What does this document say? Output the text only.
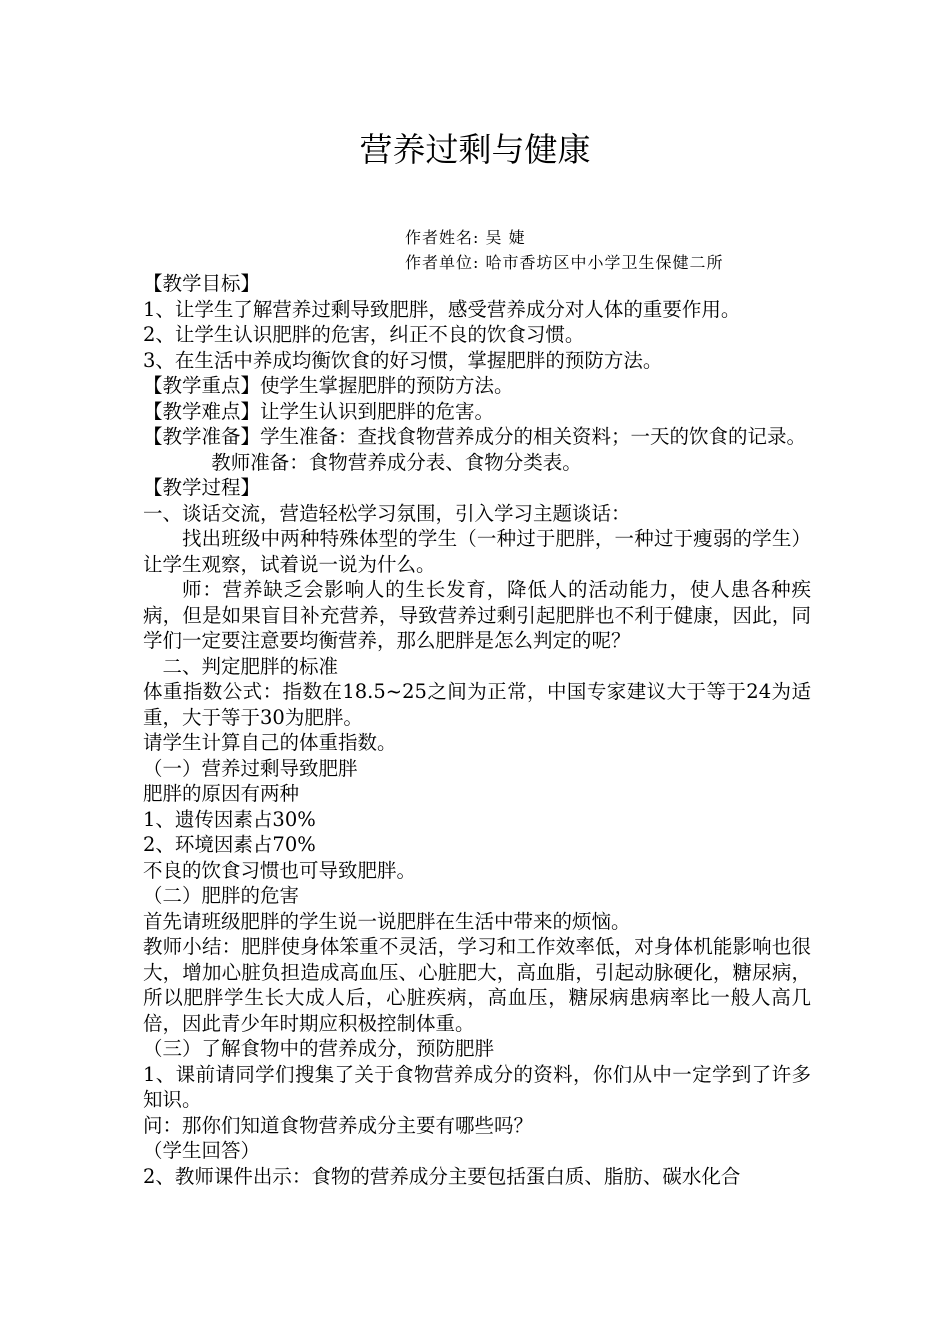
营养过剩与健康
作者姓名: 吴 婕
作者单位: 哈市香坊区中小学卫生保健二所

【教学目标】

1、让学生了解营养过剩导致肥胖，感受营养成分对人体的重要作用。

2、让学生认识肥胖的危害，纠正不良的饮食习惯。

3、在生活中养成均衡饮食的好习惯，掌握肥胖的预防方法。

【教学重点】使学生掌握肥胖的预防方法。

【教学难点】让学生认识到肥胖的危害。

【教学准备】学生准备：查找食物营养成分的相关资料；一天的饮食的记录。

教师准备：食物营养成分表、食物分类表。

【教学过程】

一、谈话交流，营造轻松学习氛围，引入学习主题谈话：

找出班级中两种特殊体型的学生（一种过于肥胖，一种过于瘦弱的学生）让学生观察，试着说一说为什么。

师：营养缺乏会影响人的生长发育，降低人的活动能力，使人患各种疾病，但是如果盲目补充营养，导致营养过剩引起肥胖也不利于健康，因此，同学们一定要注意要均衡营养，那么肥胖是怎么判定的呢？

二、判定肥胖的标准

体重指数公式：指数在18.5~25之间为正常，中国专家建议大于等于24为适重，大于等于30为肥胖。

请学生计算自己的体重指数。

（一）营养过剩导致肥胖

肥胖的原因有两种

1、遗传因素占30%

2、环境因素占70%

不良的饮食习惯也可导致肥胖。

（二）肥胖的危害

首先请班级肥胖的学生说一说肥胖在生活中带来的烦恼。

教师小结：肥胖使身体笨重不灵活，学习和工作效率低，对身体机能影响也很大，增加心脏负担造成高血压、心脏肥大，高血脂，引起动脉硬化，糖尿病，所以肥胖学生长大成人后，心脏疾病，高血压，糖尿病患病率比一般人高几倍，因此青少年时期应积极控制体重。

（三）了解食物中的营养成分，预防肥胖

1、课前请同学们搜集了关于食物营养成分的资料，你们从中一定学到了许多知识。

问：那你们知道食物营养成分主要有哪些吗？

（学生回答）

2、教师课件出示：食物的营养成分主要包括蛋白质、脂肪、碳水化合
